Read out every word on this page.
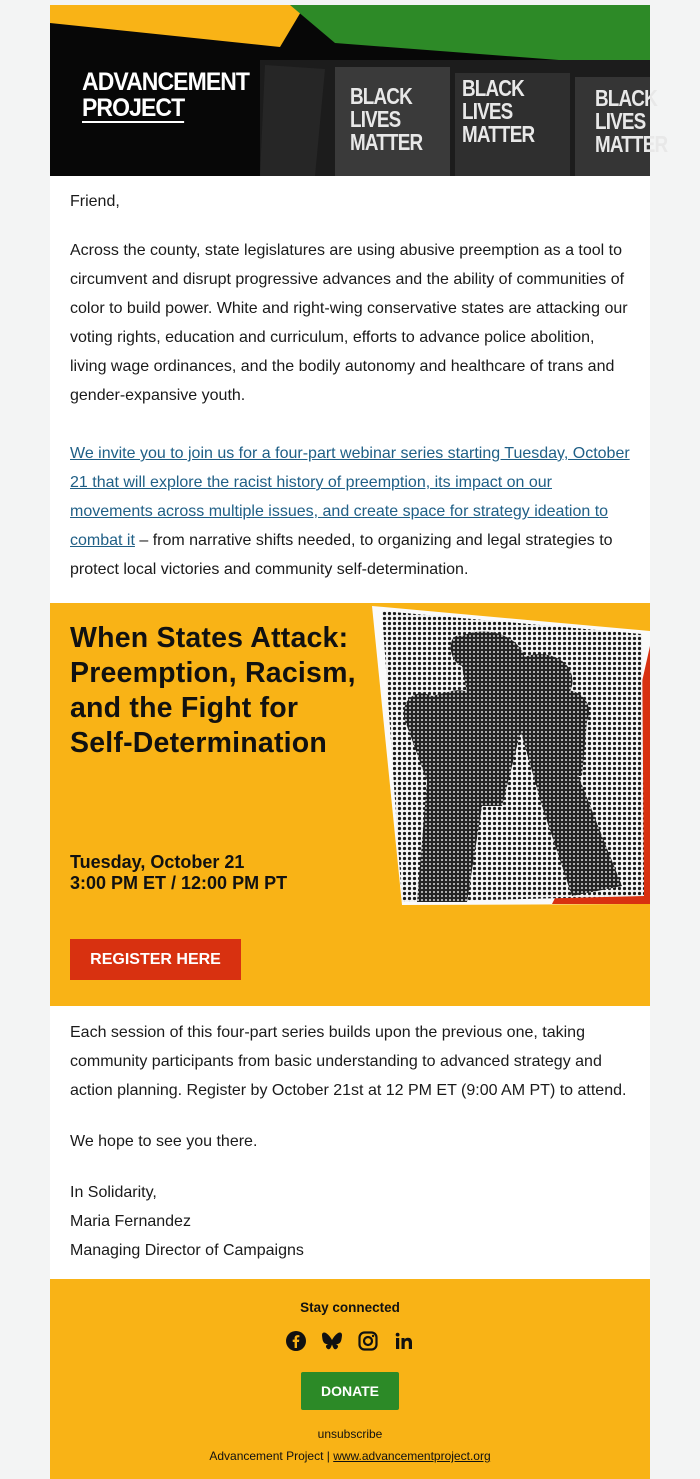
ADVANCEMENT
PROJECT	BLACK
LIVES
MATTER
BLACK
LIVES
MATTER
BLACK
LIVES
MATTER

Friend,

Across the county, state legislatures are using abusive preemption as a tool to circumvent and disrupt progressive advances and the ability of communities of color to build power. White and right-wing conservative states are attacking our voting rights, education and curriculum, efforts to advance police abolition, living wage ordinances, and the bodily autonomy and healthcare of trans and gender-expansive youth.

We invite you to join us for a four-part webinar series starting Tuesday, October 21 that will explore the racist history of preemption, its impact on our movements across multiple issues, and create space for strategy ideation to combat it – from narrative shifts needed, to organizing and legal strategies to protect local victories and community self-determination.

When States Attack: Preemption, Racism, and the Fight for Self-Determination
Tuesday, October 21
3:00 PM ET / 12:00 PM PT
REGISTER HERE

Each session of this four-part series builds upon the previous one, taking community participants from basic understanding to advanced strategy and action planning. Register by October 21st at 12 PM ET (9:00 AM PT) to attend.

We hope to see you there.

In Solidarity,
Maria Fernandez
Managing Director of Campaigns
Stay connected
DONATE
unsubscribe
Advancement Project | www.advancementproject.org
